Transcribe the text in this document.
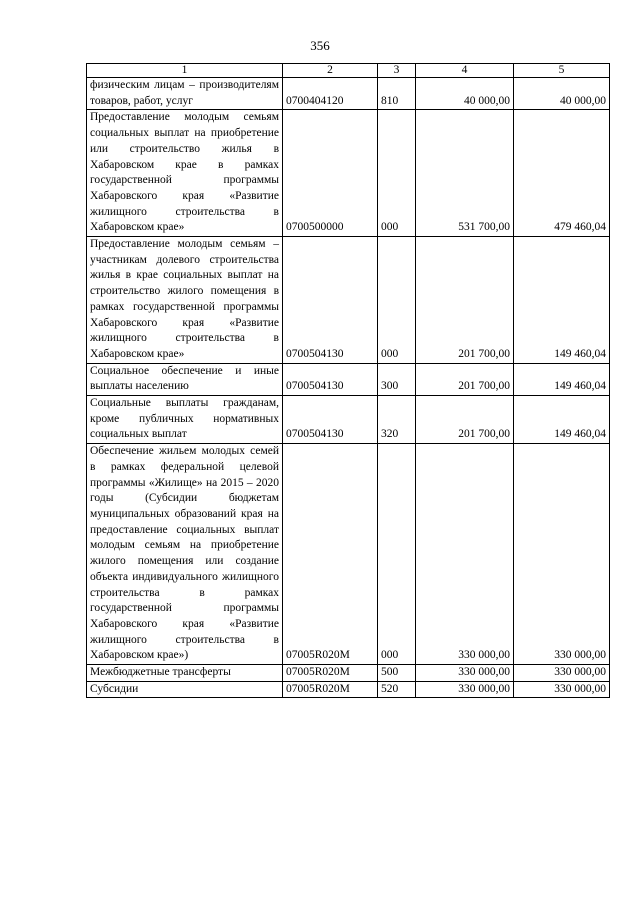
356
1	2	3	4	5
физическим лицам – производителям товаров, работ, услуг	0700404120	810	40 000,00	40 000,00
Предоставление молодым семьям социальных выплат на приобретение или строительство жилья в Хабаровском крае в рамках государственной программы Хабаровского края «Развитие жилищного строительства в Хабаровском крае»	0700500000	000	531 700,00	479 460,04
Предоставление молодым семьям – участникам долевого строительства жилья в крае социальных выплат на строительство жилого помещения в рамках государственной программы Хабаровского края «Развитие жилищного строительства в Хабаровском крае»	0700504130	000	201 700,00	149 460,04
Социальное обеспечение и иные выплаты населению	0700504130	300	201 700,00	149 460,04
Социальные выплаты гражданам, кроме публичных нормативных социальных выплат	0700504130	320	201 700,00	149 460,04
Обеспечение жильем молодых семей в рамках федеральной целевой программы «Жилище» на 2015 – 2020 годы (Субсидии бюджетам муниципальных образований края на предоставление социальных выплат молодым семьям на приобретение жилого помещения или создание объекта индивидуального жилищного строительства в рамках государственной программы Хабаровского края «Развитие жилищного строительства в Хабаровском крае»)	07005R020M	000	330 000,00	330 000,00
Межбюджетные трансферты	07005R020M	500	330 000,00	330 000,00
Субсидии	07005R020M	520	330 000,00	330 000,00
